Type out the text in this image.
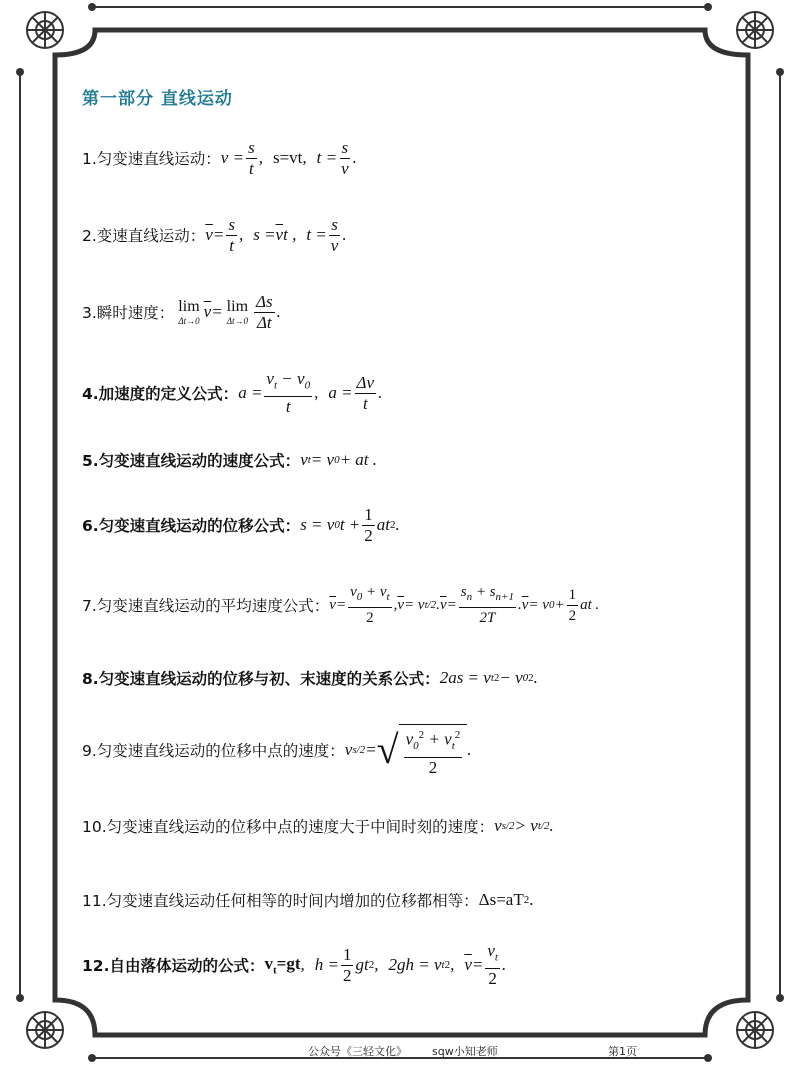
第一部分 直线运动
1.匀变速直线运动： $v = \frac{s}{t}$ , s=vt ,
$t = \frac{s}{v}$ .
2.变速直线运动： $\overline{v} = \frac{s}{t}$ ,
$s = \overline{v}$ t ,
$t = \frac{s}{v}$ .
3.瞬时速度： lim
Δt→0 $\overline{v} = \lim$
$\Delta t\to 0 \frac{\Delta s}{\Delta t}$ .
4.加速度的定义公式： $a = \frac{v_t - v_0}{t}$ ,
$a = \frac{\Delta v}{t}$ .
5.匀变速直线运动的速度公式： v t = v 0 + at .
6.匀变速直线运动的位移公式： s = v 0 $t + \frac{1}{2}$ at 2 .
7.匀变速直线运动的平均速度公式： $\overline{v} = \frac{v_0 + v_t}{2}$ , $\overline{v} = v$ t/2 . $\overline{v} = \frac{s_n + s_{n+1}}{2T}$ . $\overline{v} = v$ $0 + \frac{1}{2}$ at .
8.匀变速直线运动的位移与初、末速度的关系公式： 2as = v t 2 − v 0 2 .
9.匀变速直线运动的位移中点的速度： v s/2 = √ $\frac{v_0^2 + v_t^2}{2}$ .
10.匀变速直线运动的位移中点的速度大于中间时刻的速度： v s/2 > v t/2 .
11.匀变速直线运动任何相等的时间内增加的位移都相等： Δs=aT 2 .
12.自由落体运动的公式： $v_t=gt$ ,
$h = \frac{1}{2}$ gt 2 ,
2gh = v t 2 , $\overline{v} = \frac{v_t}{2}$ .
公众号《三轻文化》 sqw小知老师	第1页
